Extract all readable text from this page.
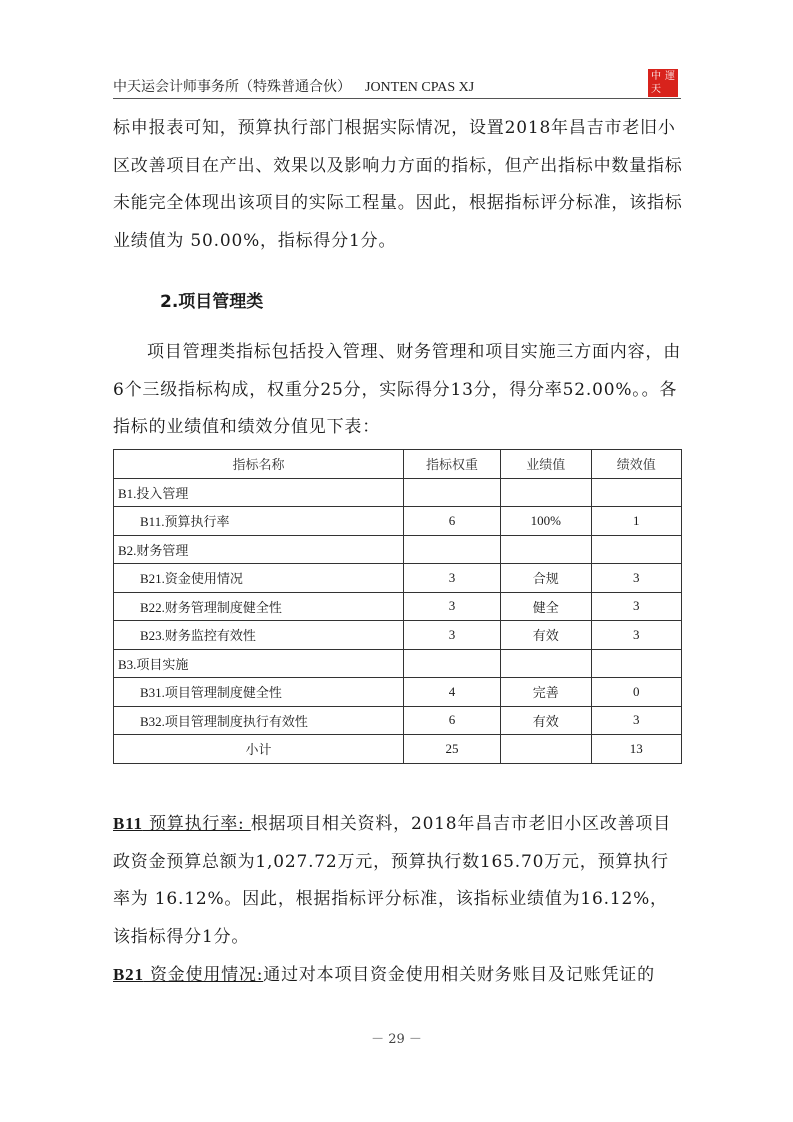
中天运会计师事务所（特殊普通合伙） JONTEN CPAS XJ
中 運
天
标申报表可知，预算执行部门根据实际情况，设置2018年昌吉市老旧小区改善项目在产出、效果以及影响力方面的指标，但产出指标中数量指标未能完全体现出该项目的实际工程量。因此，根据指标评分标准，该指标业绩值为 50.00%，指标得分1分。
2.项目管理类
项目管理类指标包括投入管理、财务管理和项目实施三方面内容，由6个三级指标构成，权重分25分，实际得分13分，得分率52.00%。。各指标的业绩值和绩效分值见下表：
指标名称	指标权重	业绩值	绩效值
B1.投入管理			
B11.预算执行率	6	100%	1
B2.财务管理			
B21.资金使用情况	3	合规	3
B22.财务管理制度健全性	3	健全	3
B23.财务监控有效性	3	有效	3
B3.项目实施			
B31.项目管理制度健全性	4	完善	0
B32.项目管理制度执行有效性	6	有效	3
小计	25		13
B11 预算执行率: 根据项目相关资料，2018年昌吉市老旧小区改善项目政资金预算总额为1,027.72万元，预算执行数165.70万元，预算执行率为 16.12%。因此，根据指标评分标准，该指标业绩值为16.12%，该指标得分1分。
B21 资金使用情况:通过对本项目资金使用相关财务账目及记账凭证的
－ 29 －
